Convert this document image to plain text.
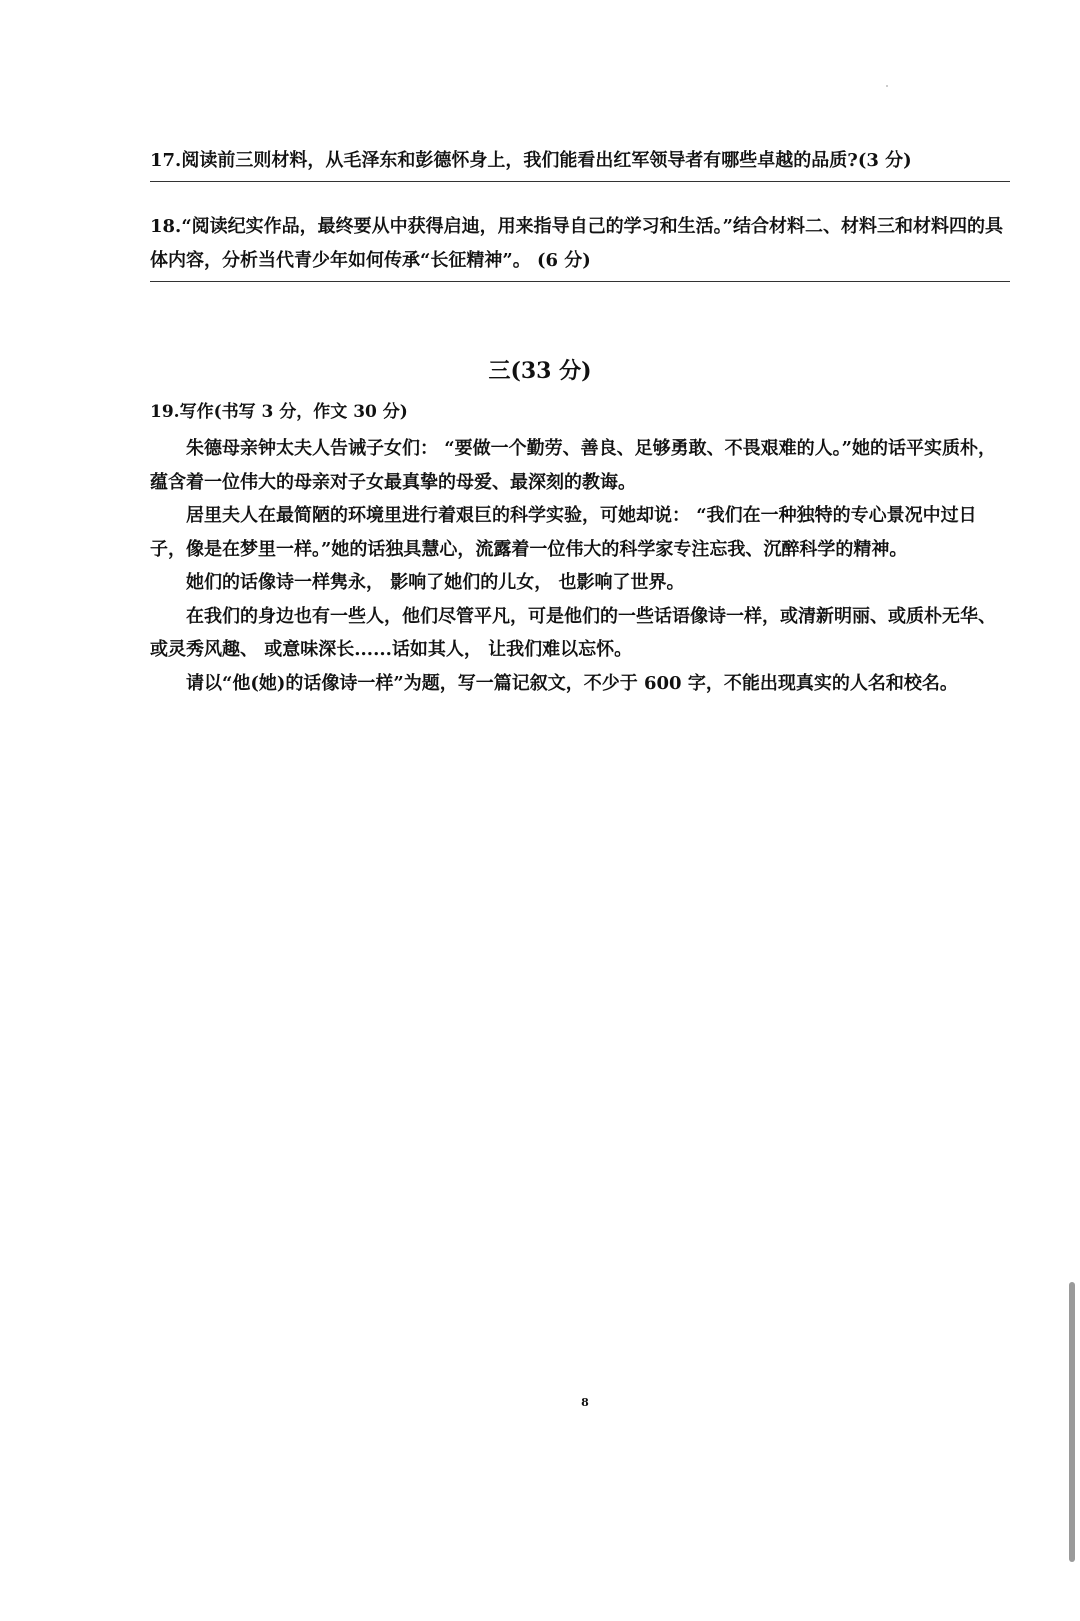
17.阅读前三则材料，从毛泽东和彭德怀身上，我们能看出红军领导者有哪些卓越的品质?(3 分)
18.“阅读纪实作品，最终要从中获得启迪，用来指导自己的学习和生活。”结合材料二、材料三和材料四的具体内容，分析当代青少年如何传承“长征精神”。 (6 分)
三(33 分)
19.写作(书写 3 分，作文 30 分)

朱德母亲钟太夫人告诫子女们： “要做一个勤劳、善良、足够勇敢、不畏艰难的人。”她的话平实质朴，蕴含着一位伟大的母亲对子女最真挚的母爱、最深刻的教诲。

居里夫人在最简陋的环境里进行着艰巨的科学实验，可她却说： “我们在一种独特的专心景况中过日子，像是在梦里一样。”她的话独具慧心，流露着一位伟大的科学家专注忘我、沉醉科学的精神。

她们的话像诗一样隽永， 影响了她们的儿女， 也影响了世界。

在我们的身边也有一些人，他们尽管平凡，可是他们的一些话语像诗一样，或清新明丽、或质朴无华、 或灵秀风趣、 或意味深长......话如其人， 让我们难以忘怀。

请以“他(她)的话像诗一样”为题，写一篇记叙文，不少于 600 字，不能出现真实的人名和校名。

8
